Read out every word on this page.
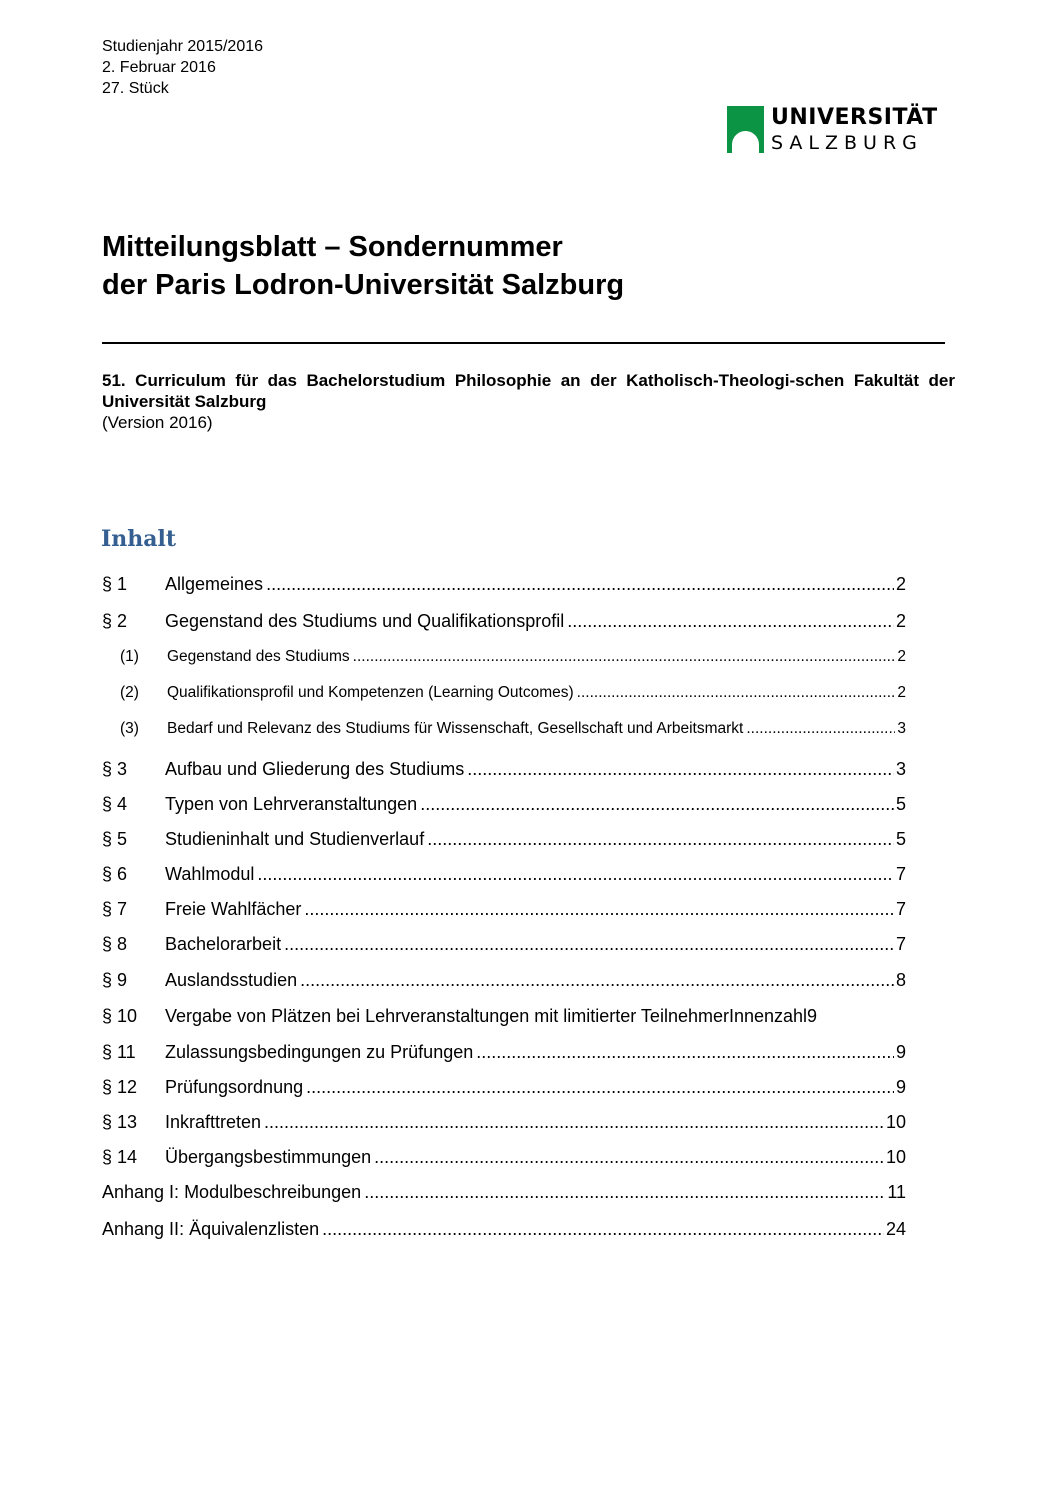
Studienjahr 2015/2016
2. Februar 2016
27. Stück
UNIVERSITÄT
SALZBURG
Mitteilungsblatt – Sondernummer
der Paris Lodron-Universität Salzburg
51. Curriculum für das Bachelorstudium Philosophie an der Katholisch-Theologi-schen Fakultät der Universität Salzburg
(Version 2016)
Inhalt
§ 1	Allgemeines .....	2
§ 2	Gegenstand des Studiums und Qualifikationsprofil .....	2
(1)	Gegenstand des Studiums .....	2
(2)	Qualifikationsprofil und Kompetenzen (Learning Outcomes) .....	2
(3)	Bedarf und Relevanz des Studiums für Wissenschaft, Gesellschaft und Arbeitsmarkt .....	3
§ 3	Aufbau und Gliederung des Studiums .....	3
§ 4	Typen von Lehrveranstaltungen .....	5
§ 5	Studieninhalt und Studienverlauf .....	5
§ 6	Wahlmodul .....	7
§ 7	Freie Wahlfächer .....	7
§ 8	Bachelorarbeit .....	7
§ 9	Auslandsstudien .....	8
§ 10	Vergabe von Plätzen bei Lehrveranstaltungen mit limitierter TeilnehmerInnenzahl 9
§ 11	Zulassungsbedingungen zu Prüfungen .....	9
§ 12	Prüfungsordnung .....	9
§ 13	Inkrafttreten .....	10
§ 14	Übergangsbestimmungen .....	10
Anhang I: Modulbeschreibungen .....	11
Anhang II: Äquivalenzlisten .....	24
